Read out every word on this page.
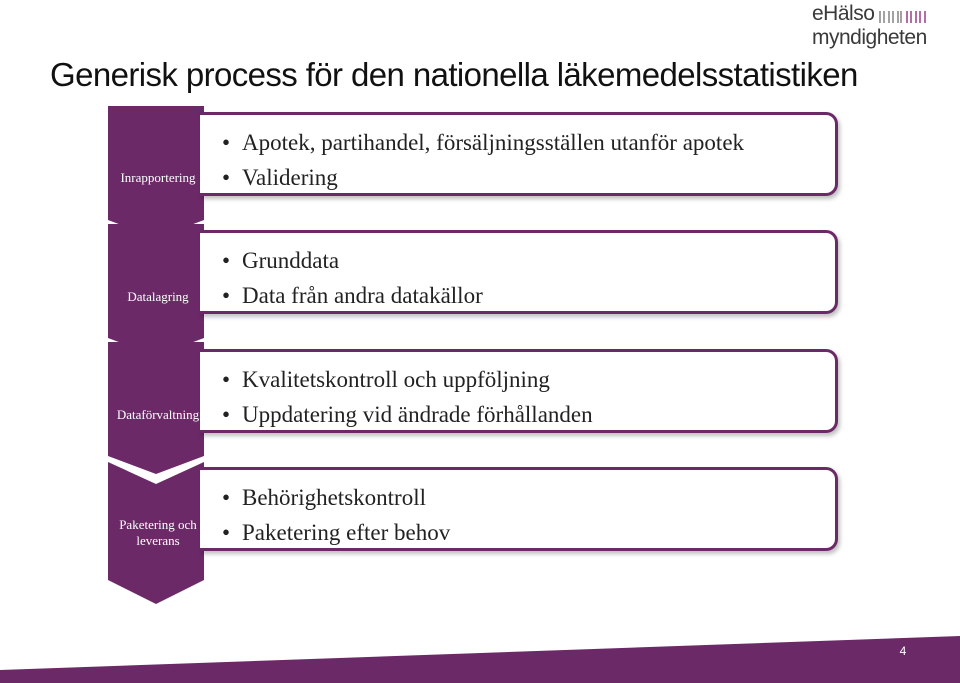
eHälso
myndigheten
Generisk process för den nationella läkemedelsstatistiken
Inrapportering
Datalagring
Dataförvaltning
Paketering och
leverans
• Apotek, partihandel, försäljningsställen utanför apotek
• Validering
• Grunddata
• Data från andra datakällor
• Kvalitetskontroll och uppföljning
• Uppdatering vid ändrade förhållanden
• Behörighetskontroll
• Paketering efter behov
4
